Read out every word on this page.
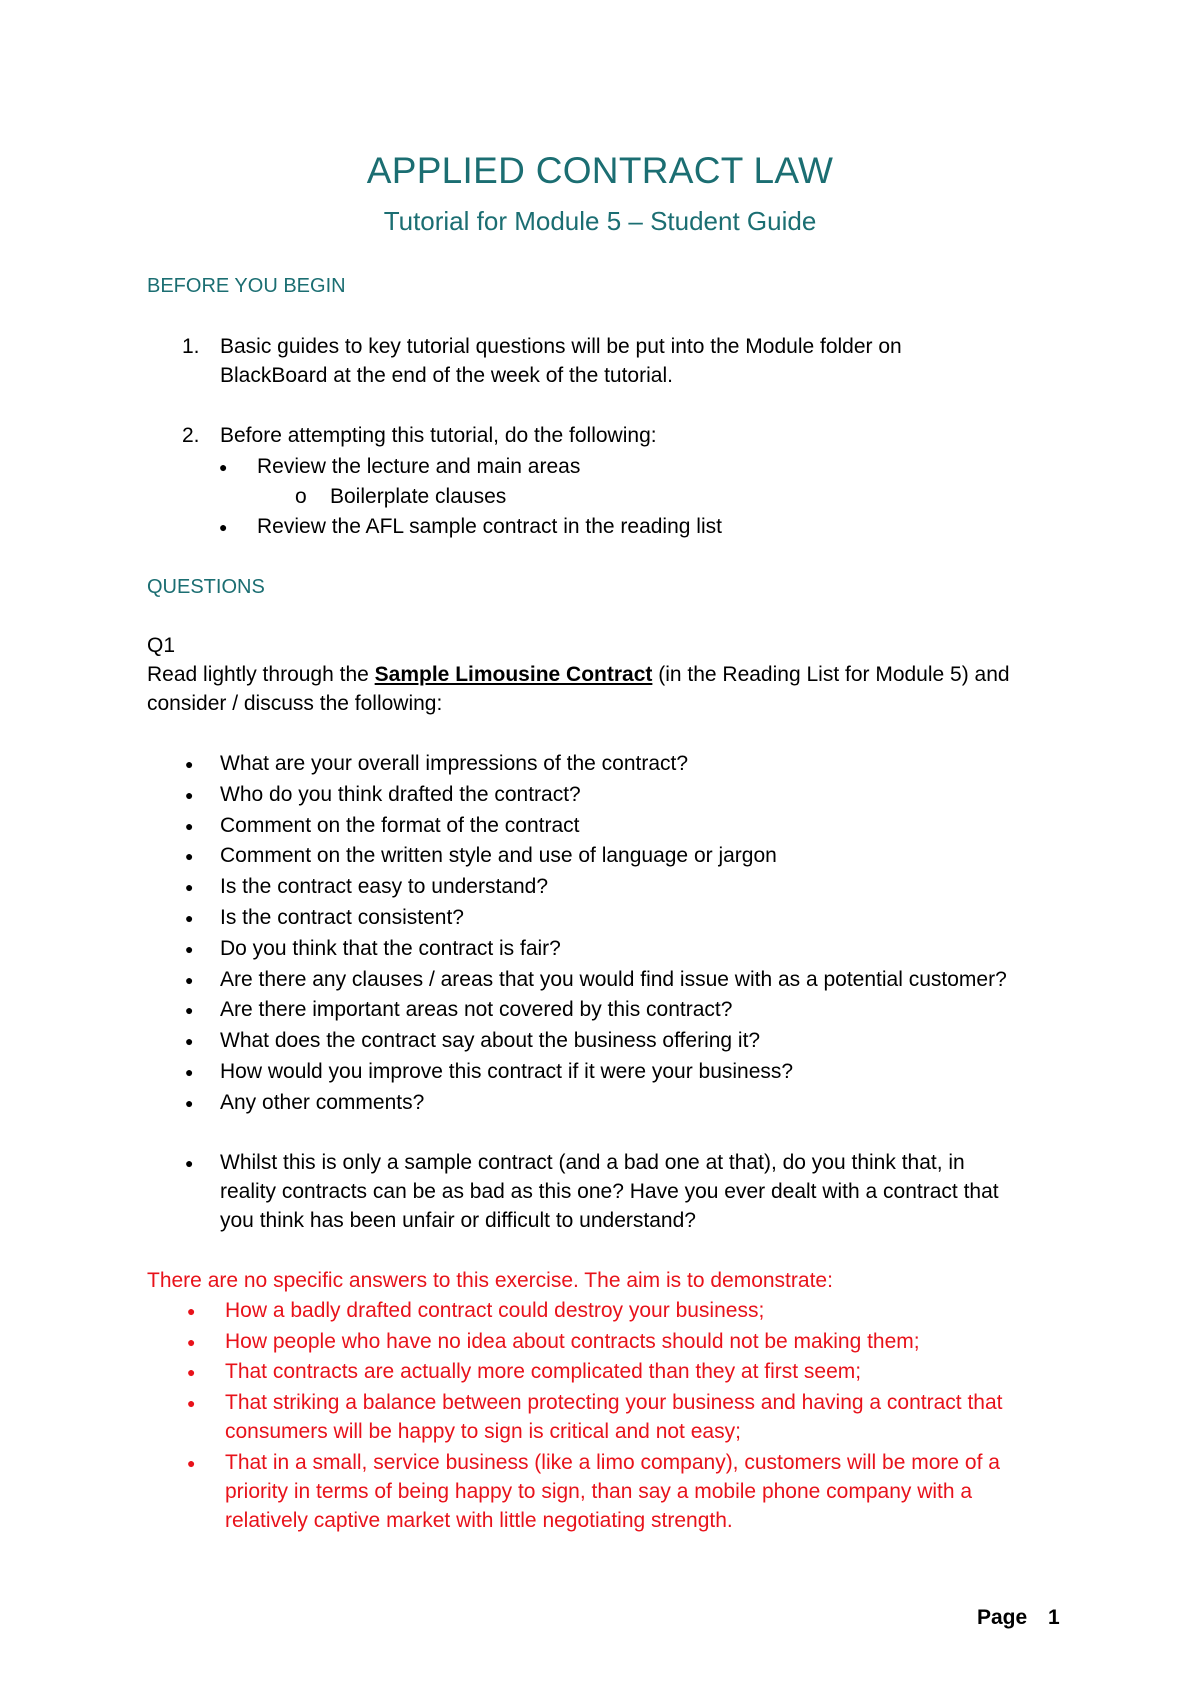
APPLIED CONTRACT LAW
Tutorial for Module 5 – Student Guide
BEFORE YOU BEGIN
1. Basic guides to key tutorial questions will be put into the Module folder on
BlackBoard at the end of the week of the tutorial.
2. Before attempting this tutorial, do the following:
● Review the lecture and main areas
o Boilerplate clauses
● Review the AFL sample contract in the reading list
QUESTIONS
Q1
Read lightly through the Sample Limousine Contract (in the Reading List for Module 5) and
consider / discuss the following:
● What are your overall impressions of the contract?
● Who do you think drafted the contract?
● Comment on the format of the contract
● Comment on the written style and use of language or jargon
● Is the contract easy to understand?
● Is the contract consistent?
● Do you think that the contract is fair?
● Are there any clauses / areas that you would find issue with as a potential customer?
● Are there important areas not covered by this contract?
● What does the contract say about the business offering it?
● How would you improve this contract if it were your business?
● Any other comments?
● Whilst this is only a sample contract (and a bad one at that), do you think that, in
reality contracts can be as bad as this one? Have you ever dealt with a contract that
you think has been unfair or difficult to understand?
There are no specific answers to this exercise. The aim is to demonstrate:
● How a badly drafted contract could destroy your business;
● How people who have no idea about contracts should not be making them;
● That contracts are actually more complicated than they at first seem;
● That striking a balance between protecting your business and having a contract that
consumers will be happy to sign is critical and not easy;
● That in a small, service business (like a limo company), customers will be more of a
priority in terms of being happy to sign, than say a mobile phone company with a
relatively captive market with little negotiating strength.
Page 1
